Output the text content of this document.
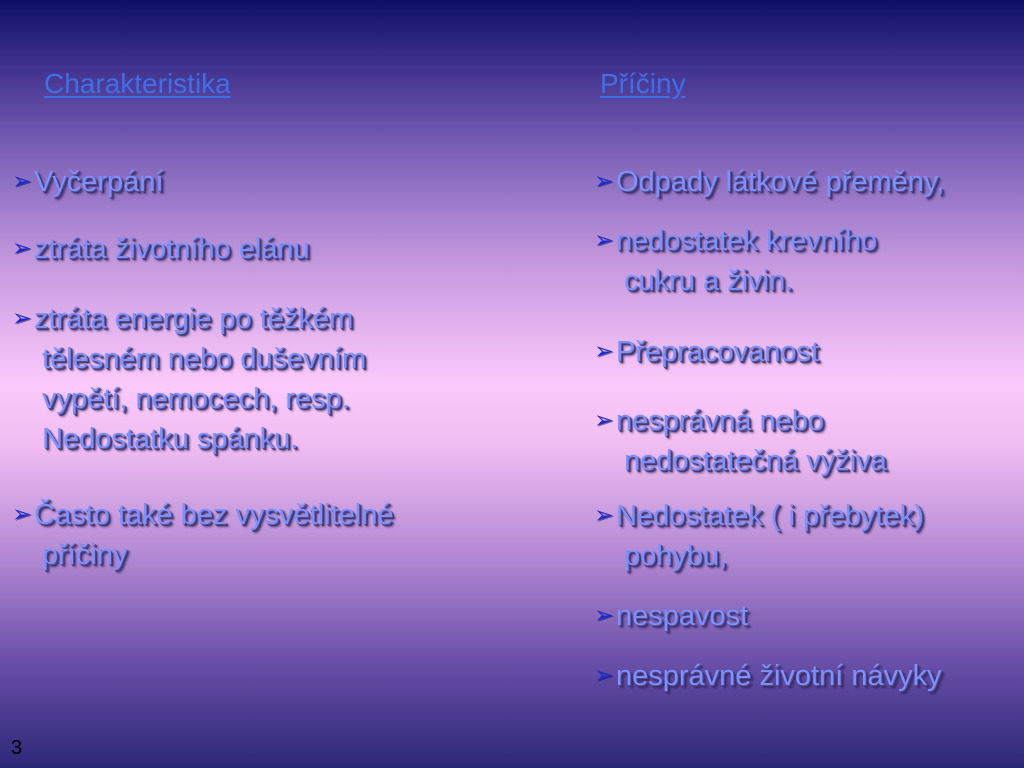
Charakteristika	Příčiny
➢Vyčerpání
➢ztráta životního elánu
➢ztráta energie po těžkém
tělesném nebo duševním
vypětí, nemocech, resp.
Nedostatku spánku.
➢Často také bez vysvětlitelné
příčiny
➢Odpady látkové přeměny,
➢nedostatek krevního
cukru a živin.
➢Přepracovanost
➢nesprávná nebo
nedostatečná výživa
➢Nedostatek ( i přebytek)
pohybu,
➢nespavost
➢nesprávné životní návyky
3
